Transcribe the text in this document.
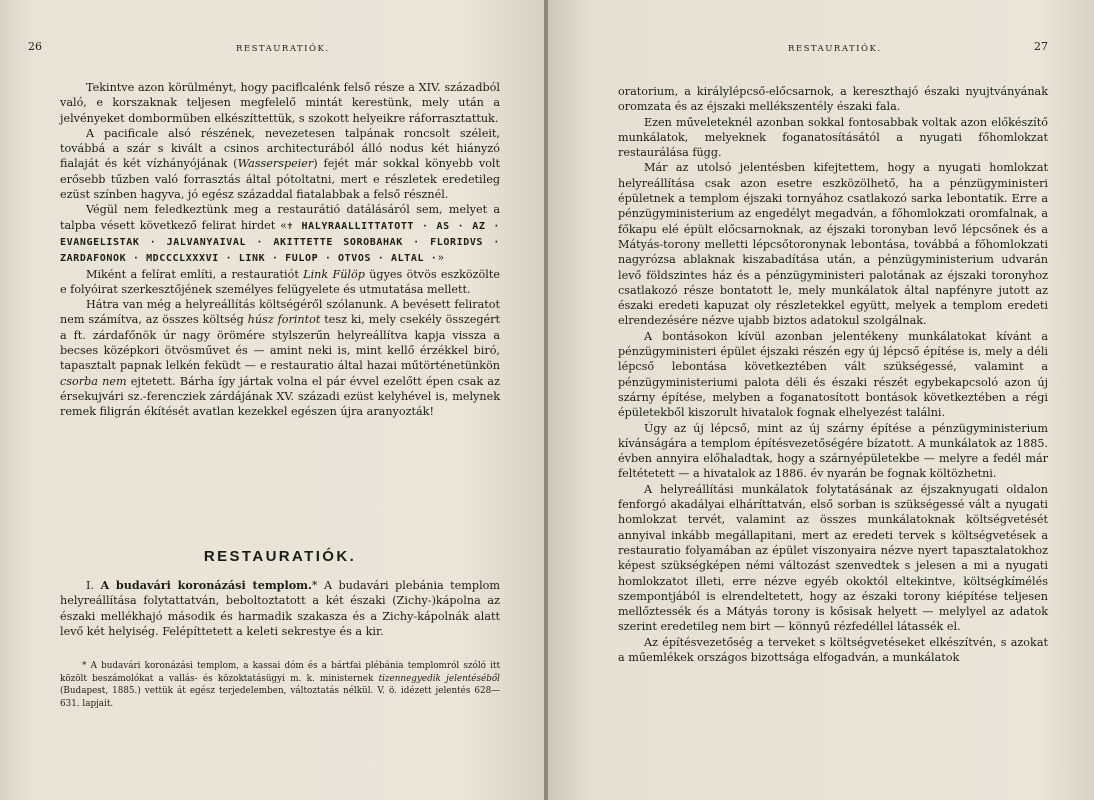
26	RESTAURATIÓK.

Tekintve azon körülményt, hogy paciflcalénk felső része a XIV. századból való, e korszaknak teljesen megfelelő mintát kerestünk, mely után a jelvényeket dombormüben elkészíttettük, s szokott helyeikre ráforrasztattuk.

A pacificale alsó részének, nevezetesen talpának roncsolt széleit, továbbá a szár s kivált a csinos architecturából álló nodus két hiányzó fialaját és két vízhányójának (Wasserspeier) fejét már sokkal könyebb volt erősebb tűzben való forrasztás által pótoltatni, mert e részletek eredetileg ezüst színben hagyva, jó egész századdal fiatalabbak a felső résznél.

Végül nem feledkeztünk meg a restaurátió datálásáról sem, melyet a talpba vésett következő felirat hirdet «✝ HALYRAALLITTATOTT · AS · AZ · EVANGELISTAK · JALVANYAIVAL · AKITTETTE SOROBAHAK · FLORIDVS · ZARDAFONOK · MDCCCLXXXVI · LINK · FULOP · OTVOS · ALTAL ·»

Miként a felírat említi, a restauratiót Link Fülöp ügyes ötvös eszközölte e folyóirat szerkesztőjének személyes felügyelete és utmutatása mellett.

Hátra van még a helyreállítás költségéről szólanunk. A bevésett feliratot nem számítva, az összes költség húsz forintot tesz ki, mely csekély összegért a ft. zárdafőnök úr nagy örömére stylszerűn helyreállítva kapja vissza a becses középkori ötvösművet és — amint neki is, mint kellő érzékkel biró, tapasztalt papnak lelkén feküdt — e restauratio által hazai műtörténetünkön csorba nem ejtetett. Bárha így jártak volna el pár évvel ezelőtt épen csak az érsekujvári sz.-ferencziek zárdájának XV. századi ezüst kelyhével is, melynek remek filigrán ékítését avatlan kezekkel egészen újra aranyozták!

RESTAURATIÓK.

I. A budavári koronázási templom.* A budavári plebánia templom helyreállítása folytattatván, beboltoztatott a két északi (Zichy-)kápolna az északi mellékhajó második és harmadik szakasza és a Zichy-kápolnák alatt levő két helyiség. Felépíttetett a keleti sekrestye és a kir.

* A budavári koronázási templom, a kassai dóm és a bártfai plébánia templomról szóló itt közölt beszámolókat a vallás- és közoktatásügyi m. k. ministernek tizennegyedik jelentéséből (Budapest, 1885.) vettük át egész terjedelemben, változtatás nélkül. V. ö. idézett jelentés 628—631. lapjait.

RESTAURATIÓK.	27

oratorium, a királylépcső-előcsarnok, a kereszthajó északi nyujtványának oromzata és az éjszaki mellékszentély északi fala.

Ezen műveleteknél azonban sokkal fontosabbak voltak azon előkészítő munkálatok, melyeknek foganatosításától a nyugati főhomlokzat restaurálása függ.

Már az utolsó jelentésben kifejtettem, hogy a nyugati homlokzat helyreállítása csak azon esetre eszközölhető, ha a pénzügyministeri épületnek a templom éjszaki tornyához csatlakozó sarka lebontatik. Erre a pénzügyministerium az engedélyt megadván, a főhomlokzati oromfalnak, a főkapu elé épült előcsarnoknak, az éjszaki toronyban levő lépcsőnek és a Mátyás-torony melletti lépcsőtoronynak lebontása, továbbá a főhomlokzati nagyrózsa ablaknak kiszabadítása után, a pénzügyministerium udvarán levő földszintes ház és a pénzügyministeri palotának az éjszaki toronyhoz csatlakozó része bontatott le, mely munkálatok által napfényre jutott az északi eredeti kapuzat oly részletekkel együtt, melyek a templom eredeti elrendezésére nézve ujabb biztos adatokul szolgálnak.

A bontásokon kívül azonban jelentékeny munkálatokat kívánt a pénzügyministeri épület éjszaki részén egy új lépcső építése is, mely a déli lépcső lebontása következtében vált szükségessé, valamint a pénzügyministeriumi palota déli és északi részét egybekapcsoló azon új szárny építése, melyben a foganatosított bontások következtében a régi épületekből kiszorult hivatalok fognak elhelyezést találni.

Úgy az új lépcső, mint az új szárny építése a pénzügyministerium kívánságára a templom építésvezetőségére bízatott. A munkálatok az 1885. évben annyira előhaladtak, hogy a szárnyépületekbe — melyre a fedél már feltétetett — a hivatalok az 1886. év nyarán be fognak költözhetni.

A helyreállítási munkálatok folytatásának az éjszaknyugati oldalon fenforgó akadályai elháríttatván, első sorban is szükségessé vált a nyugati homlokzat tervét, valamint az összes munkálatoknak költségvetését annyival inkább megállapitani, mert az eredeti tervek s költségvetések a restauratio folyamában az épület viszonyaira nézve nyert tapasztalatokhoz képest szükségképen némi változást szenvedtek s jelesen a mi a nyugati homlokzatot illeti, erre nézve egyéb okoktól eltekintve, költségkímélés szempontjából is elrendeltetett, hogy az északi torony kiépítése teljesen mellőztessék és a Mátyás torony is kősisak helyett — melylyel az adatok szerint eredetileg nem birt — könnyű rézfedéllel látassék el.

Az építésvezetőség a terveket s költségvetéseket elkészítvén, s azokat a műemlékek országos bizottsága elfogadván, a munkálatok
